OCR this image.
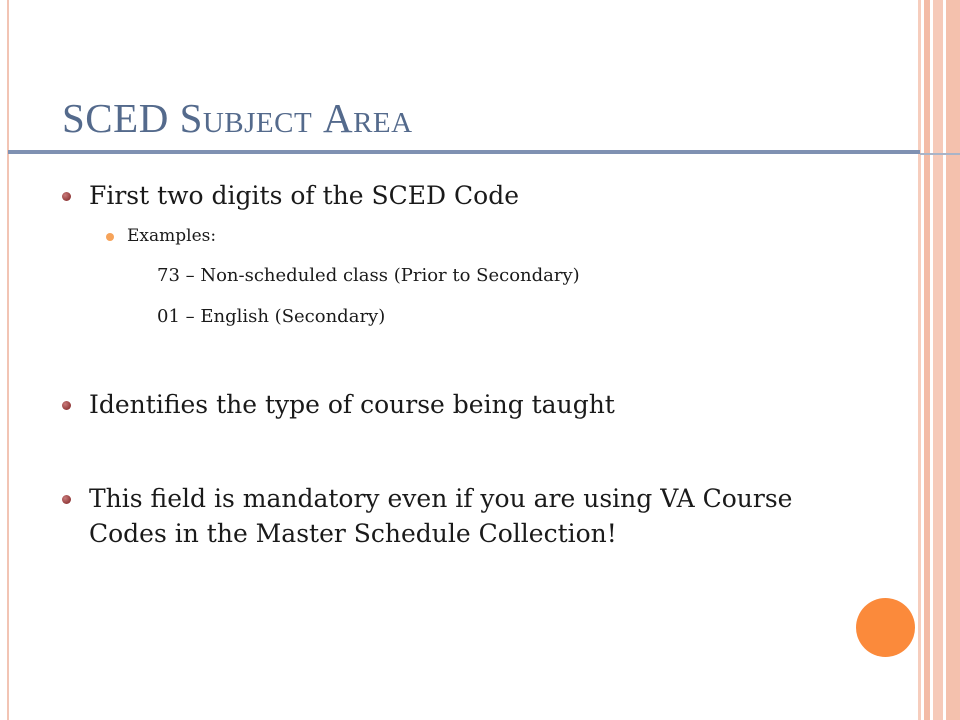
SCED Subject Area
First two digits of the SCED Code
Examples:
73 – Non-scheduled class (Prior to Secondary)
01 – English (Secondary)
Identifies the type of course being taught
This field is mandatory even if you are using VA Course Codes in the Master Schedule Collection!
